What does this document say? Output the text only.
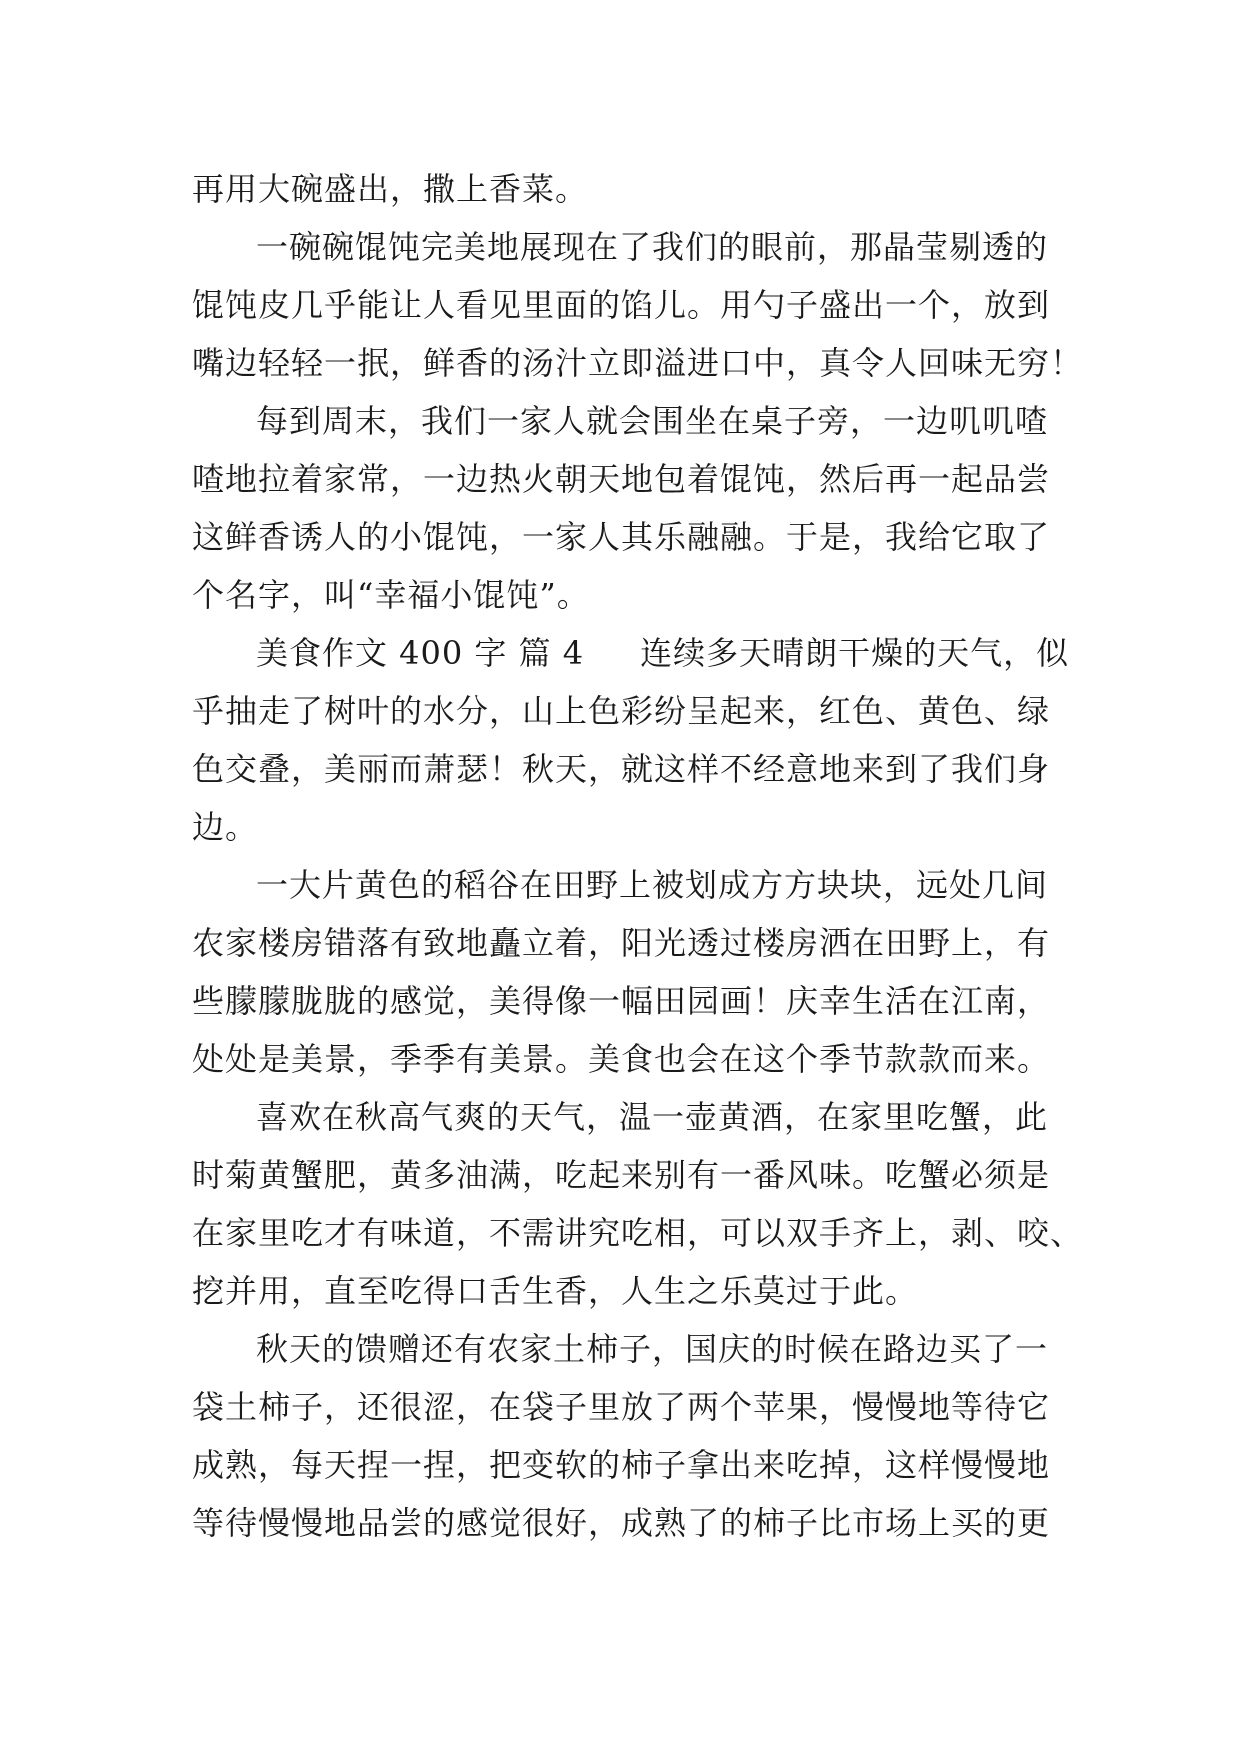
再用大碗盛出，撒上香菜。
一碗碗馄饨完美地展现在了我们的眼前，那晶莹剔透的
馄饨皮几乎能让人看见里面的馅儿。用勺子盛出一个，放到
嘴边轻轻一抿，鲜香的汤汁立即溢进口中，真令人回味无穷！
每到周末，我们一家人就会围坐在桌子旁，一边叽叽喳
喳地拉着家常，一边热火朝天地包着馄饨，然后再一起品尝
这鲜香诱人的小馄饨，一家人其乐融融。于是，我给它取了
个名字，叫“幸福小馄饨”。
美食作文 400 字 篇 4 连续多天晴朗干燥的天气，似
乎抽走了树叶的水分，山上色彩纷呈起来，红色、黄色、绿
色交叠，美丽而萧瑟！秋天，就这样不经意地来到了我们身
边。
一大片黄色的稻谷在田野上被划成方方块块，远处几间
农家楼房错落有致地矗立着，阳光透过楼房洒在田野上，有
些朦朦胧胧的感觉，美得像一幅田园画！庆幸生活在江南，
处处是美景，季季有美景。美食也会在这个季节款款而来。
喜欢在秋高气爽的天气，温一壶黄酒，在家里吃蟹，此
时菊黄蟹肥，黄多油满，吃起来别有一番风味。吃蟹必须是
在家里吃才有味道，不需讲究吃相，可以双手齐上，剥、咬、
挖并用，直至吃得口舌生香，人生之乐莫过于此。
秋天的馈赠还有农家土柿子，国庆的时候在路边买了一
袋土柿子，还很涩，在袋子里放了两个苹果，慢慢地等待它
成熟，每天捏一捏，把变软的柿子拿出来吃掉，这样慢慢地
等待慢慢地品尝的感觉很好，成熟了的柿子比市场上买的更
